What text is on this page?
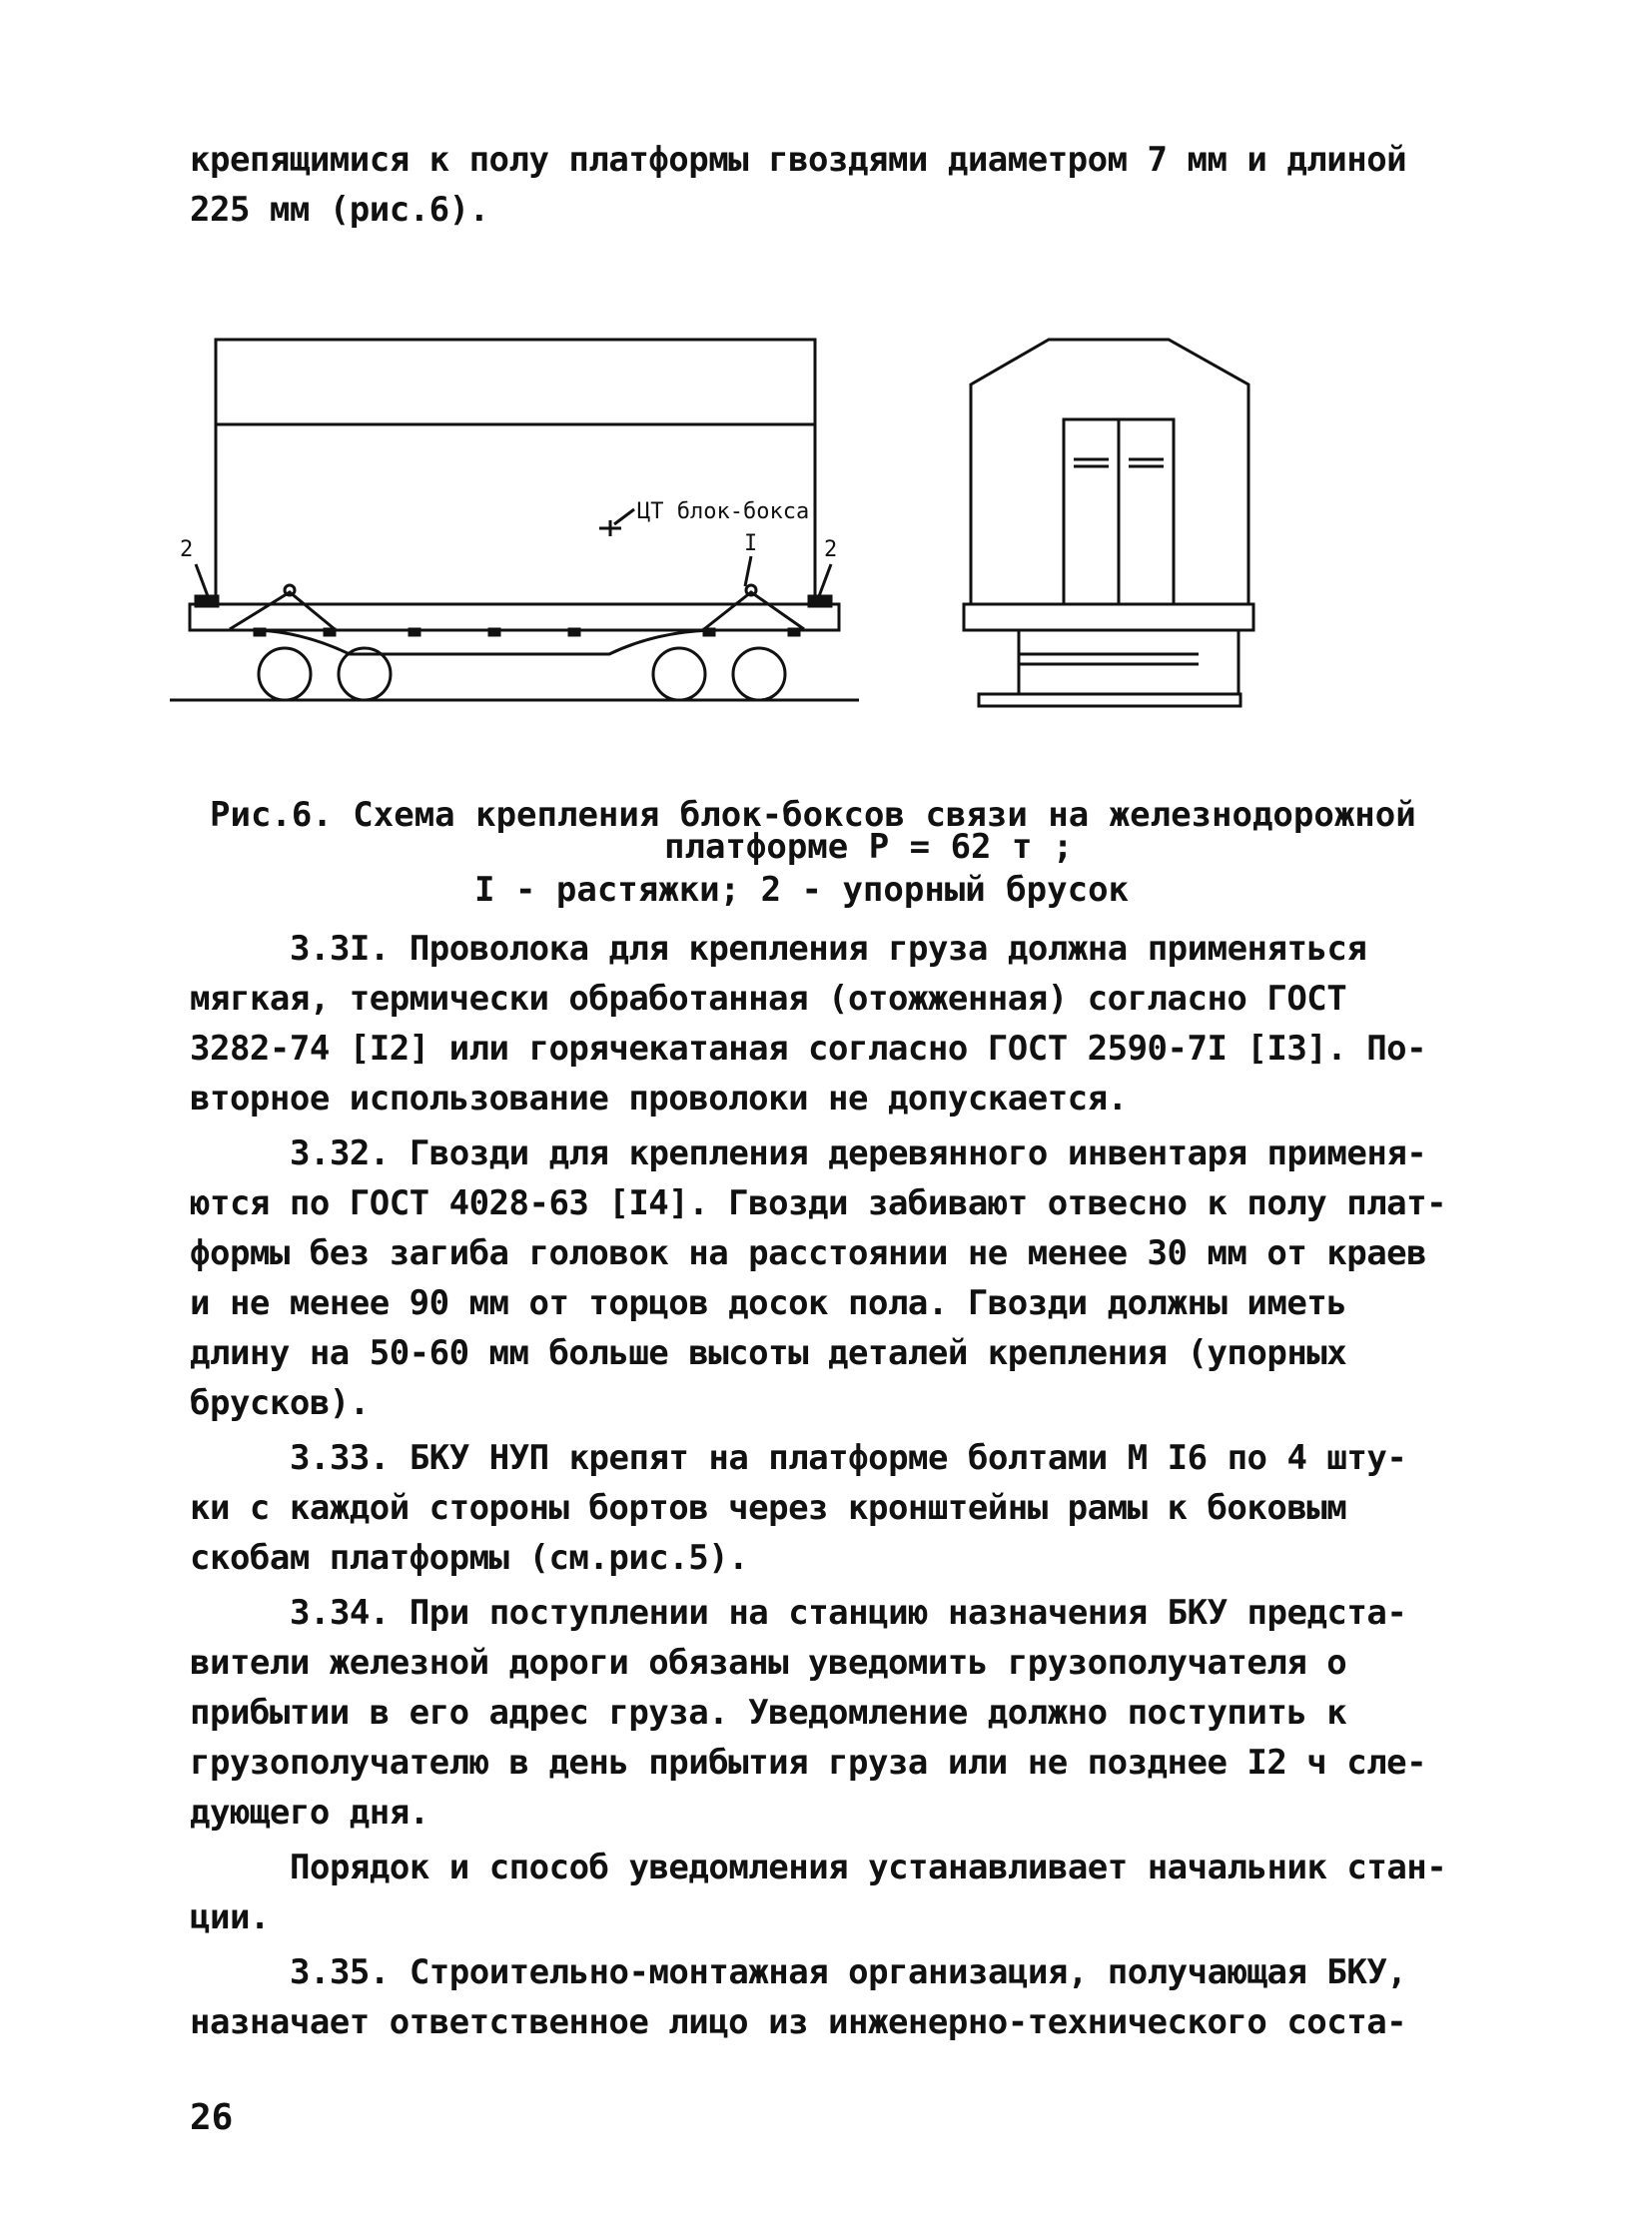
крепящимися к полу платформы гвоздями диаметром 7 мм и длиной
225 мм (рис.6).
ЦТ блок-бокса
2	I	2
Рис.6. Схема крепления блок-боксов связи на железнодорожной
платформе Р = 62 т ;
I - растяжки; 2 - упорный брусок
3.3I. Проволока для крепления груза должна применяться
мягкая, термически обработанная (отожженная) согласно ГОСТ
3282-74 [I2] или горячекатаная согласно ГОСТ 2590-7I [I3]. По-
вторное использование проволоки не допускается.
3.32. Гвозди для крепления деревянного инвентаря применя-
ются по ГОСТ 4028-63 [I4]. Гвозди забивают отвесно к полу плат-
формы без загиба головок на расстоянии не менее 30 мм от краев
и не менее 90 мм от торцов досок пола. Гвозди должны иметь
длину на 50-60 мм больше высоты деталей крепления (упорных
брусков).
3.33. БКУ НУП крепят на платформе болтами М I6 по 4 шту-
ки с каждой стороны бортов через кронштейны рамы к боковым
скобам платформы (см.рис.5).
3.34. При поступлении на станцию назначения БКУ предста-
вители железной дороги обязаны уведомить грузополучателя о
прибытии в его адрес груза. Уведомление должно поступить к
грузополучателю в день прибытия груза или не позднее I2 ч сле-
дующего дня.
Порядок и способ уведомления устанавливает начальник стан-
ции.
3.35. Строительно-монтажная организация, получающая БКУ,
назначает ответственное лицо из инженерно-технического соста-
26
